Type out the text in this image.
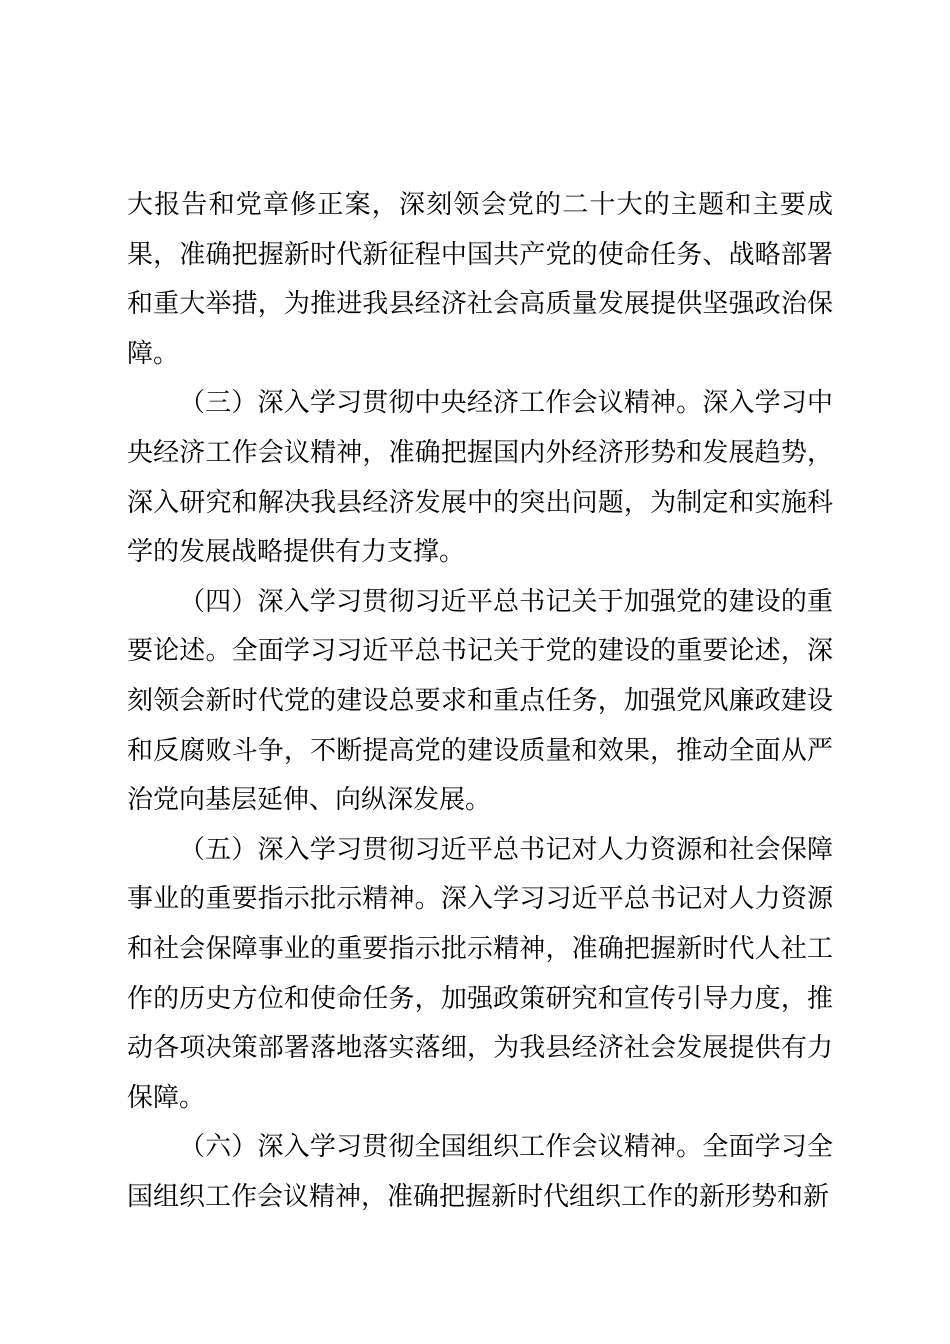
大报告和党章修正案，深刻领会党的二十大的主题和主要成果，准确把握新时代新征程中国共产党的使命任务、战略部署和重大举措，为推进我县经济社会高质量发展提供坚强政治保障。

（三）深入学习贯彻中央经济工作会议精神。深入学习中央经济工作会议精神，准确把握国内外经济形势和发展趋势，深入研究和解决我县经济发展中的突出问题，为制定和实施科学的发展战略提供有力支撑。

（四）深入学习贯彻习近平总书记关于加强党的建设的重要论述。全面学习习近平总书记关于党的建设的重要论述，深刻领会新时代党的建设总要求和重点任务，加强党风廉政建设和反腐败斗争，不断提高党的建设质量和效果，推动全面从严治党向基层延伸、向纵深发展。

（五）深入学习贯彻习近平总书记对人力资源和社会保障事业的重要指示批示精神。深入学习习近平总书记对人力资源和社会保障事业的重要指示批示精神，准确把握新时代人社工作的历史方位和使命任务，加强政策研究和宣传引导力度，推动各项决策部署落地落实落细，为我县经济社会发展提供有力保障。

（六）深入学习贯彻全国组织工作会议精神。全面学习全国组织工作会议精神，准确把握新时代组织工作的新形势和新
